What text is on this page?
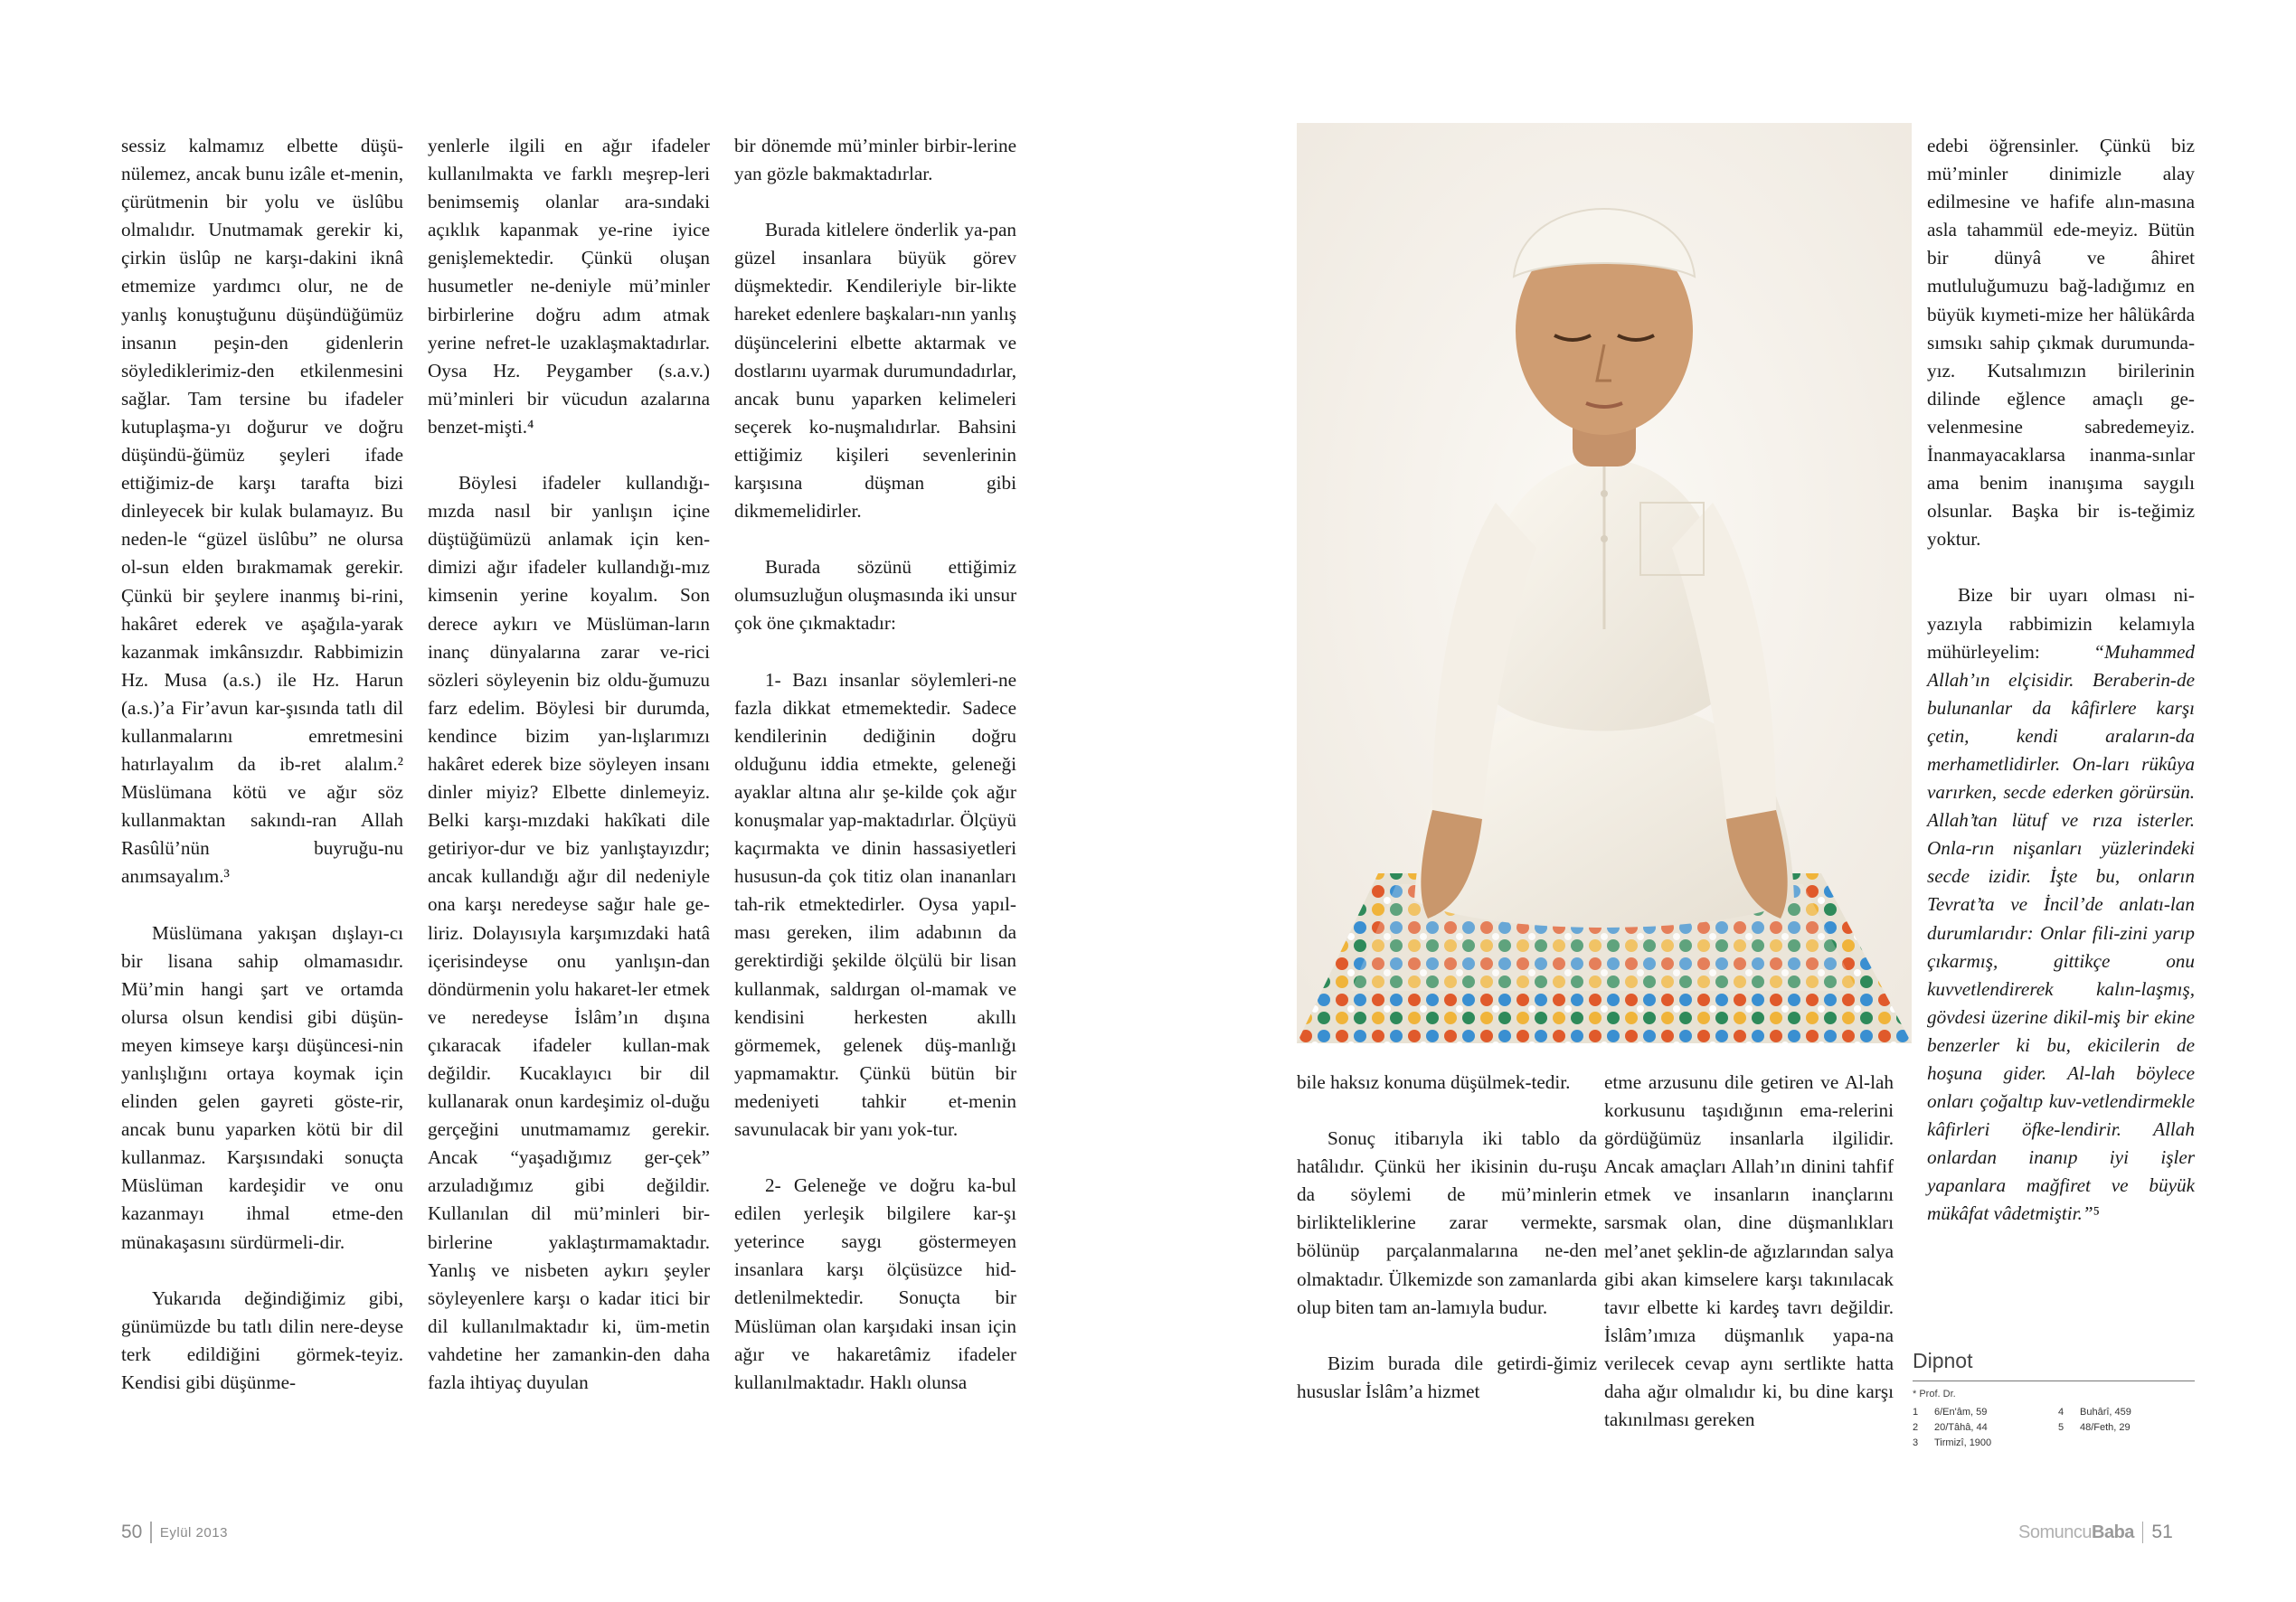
sessiz kalmamız elbette düşü-nülemez, ancak bunu izâle et-menin, çürütmenin bir yolu ve üslûbu olmalıdır. Unutmamak gerekir ki, çirkin üslûp ne karşı-dakini iknâ etmemize yardımcı olur, ne de yanlış konuştuğunu düşündüğümüz insanın peşin-den gidenlerin söylediklerimiz-den etkilenmesini sağlar. Tam tersine bu ifadeler kutuplaşma-yı doğurur ve doğru düşündü-ğümüz şeyleri ifade ettiğimiz-de karşı tarafta bizi dinleyecek bir kulak bulamayız. Bu neden-le “güzel üslûbu” ne olursa ol-sun elden bırakmamak gerekir. Çünkü bir şeylere inanmış bi-rini, hakâret ederek ve aşağıla-yarak kazanmak imkânsızdır. Rabbimizin Hz. Musa (a.s.) ile Hz. Harun (a.s.)’a Fir’avun kar-şısında tatlı dil kullanmalarını emretmesini hatırlayalım da ib-ret alalım.² Müslümana kötü ve ağır söz kullanmaktan sakındı-ran Allah Rasûlü’nün buyruğu-nu anımsayalım.³

Müslümana yakışan dışlayı-cı bir lisana sahip olmamasıdır. Mü’min hangi şart ve ortamda olursa olsun kendisi gibi düşün-meyen kimseye karşı düşüncesi-nin yanlışlığını ortaya koymak için elinden gelen gayreti göste-rir, ancak bunu yaparken kötü bir dil kullanmaz. Karşısındaki sonuçta Müslüman kardeşidir ve onu kazanmayı ihmal etme-den münakaşasını sürdürmeli-dir.

Yukarıda değindiğimiz gibi, günümüzde bu tatlı dilin nere-deyse terk edildiğini görmek-teyiz. Kendisi gibi düşünme-

yenlerle ilgili en ağır ifadeler kullanılmakta ve farklı meşrep-leri benimsemiş olanlar ara-sındaki açıklık kapanmak ye-rine iyice genişlemektedir. Çünkü oluşan husumetler ne-deniyle mü’minler birbirlerine doğru adım atmak yerine nefret-le uzaklaşmaktadırlar. Oysa Hz. Peygamber (s.a.v.) mü’minleri bir vücudun azalarına benzet-mişti.⁴

Böylesi ifadeler kullandığı-mızda nasıl bir yanlışın içine düştüğümüzü anlamak için ken-dimizi ağır ifadeler kullandığı-mız kimsenin yerine koyalım. Son derece aykırı ve Müslüman-ların inanç dünyalarına zarar ve-rici sözleri söyleyenin biz oldu-ğumuzu farz edelim. Böylesi bir durumda, kendince bizim yan-lışlarımızı hakâret ederek bize söyleyen insanı dinler miyiz? Elbette dinlemeyiz. Belki karşı-mızdaki hakîkati dile getiriyor-dur ve biz yanlıştayızdır; ancak kullandığı ağır dil nedeniyle ona karşı neredeyse sağır hale ge-liriz. Dolayısıyla karşımızdaki hatâ içerisindeyse onu yanlışın-dan döndürmenin yolu hakaret-ler etmek ve neredeyse İslâm’ın dışına çıkaracak ifadeler kullan-mak değildir. Kucaklayıcı bir dil kullanarak onun kardeşimiz ol-duğu gerçeğini unutmamamız gerekir. Ancak “yaşadığımız ger-çek” arzuladığımız gibi değildir. Kullanılan dil mü’minleri bir-birlerine yaklaştırmamaktadır. Yanlış ve nisbeten aykırı şeyler söyleyenlere karşı o kadar itici bir dil kullanılmaktadır ki, üm-metin vahdetine her zamankin-den daha fazla ihtiyaç duyulan

bir dönemde mü’minler birbir-lerine yan gözle bakmaktadırlar.

Burada kitlelere önderlik ya-pan güzel insanlara büyük görev düşmektedir. Kendileriyle bir-likte hareket edenlere başkaları-nın yanlış düşüncelerini elbette aktarmak ve dostlarını uyarmak durumundadırlar, ancak bunu yaparken kelimeleri seçerek ko-nuşmalıdırlar. Bahsini ettiğimiz kişileri sevenlerinin karşısına düşman gibi dikmemelidirler.

Burada sözünü ettiğimiz olumsuzluğun oluşmasında iki unsur çok öne çıkmaktadır:

1- Bazı insanlar söylemleri-ne fazla dikkat etmemektedir. Sadece kendilerinin dediğinin doğru olduğunu iddia etmekte, geleneği ayaklar altına alır şe-kilde çok ağır konuşmalar yap-maktadırlar. Ölçüyü kaçırmakta ve dinin hassasiyetleri hususun-da çok titiz olan inananları tah-rik etmektedirler. Oysa yapıl-ması gereken, ilim adabının da gerektirdiği şekilde ölçülü bir lisan kullanmak, saldırgan ol-mamak ve kendisini herkesten akıllı görmemek, gelenek düş-manlığı yapmamaktır. Çünkü bütün bir medeniyeti tahkir et-menin savunulacak bir yanı yok-tur.

2- Geleneğe ve doğru ka-bul edilen yerleşik bilgilere kar-şı yeterince saygı göstermeyen insanlara karşı ölçüsüzce hid-detlenilmektedir. Sonuçta bir Müslüman olan karşıdaki insan için ağır ve hakaretâmiz ifadeler kullanılmaktadır. Haklı olunsa

50 Eylül 2013

bile haksız konuma düşülmek-tedir.

Sonuç itibarıyla iki tablo da hatâlıdır. Çünkü her ikisinin du-ruşu da söylemi de mü’minlerin birlikteliklerine zarar vermekte, bölünüp parçalanmalarına ne-den olmaktadır. Ülkemizde son zamanlarda olup biten tam an-lamıyla budur.

Bizim burada dile getirdi-ğimiz hususlar İslâm’a hizmet

etme arzusunu dile getiren ve Al-lah korkusunu taşıdığının ema-relerini gördüğümüz insanlarla ilgilidir. Ancak amaçları Allah’ın dinini tahfif etmek ve insanların inançlarını sarsmak olan, dine düşmanlıkları mel’anet şeklin-de ağızlarından salya gibi akan kimselere karşı takınılacak tavır elbette ki kardeş tavrı değildir. İslâm’ımıza düşmanlık yapa-na verilecek cevap aynı sertlikte hatta daha ağır olmalıdır ki, bu dine karşı takınılması gereken

edebi öğrensinler. Çünkü biz mü’minler dinimizle alay edilmesine ve hafife alın-masına asla tahammül ede-meyiz. Bütün bir dünyâ ve âhiret mutluluğumuzu bağ-ladığımız en büyük kıymeti-mize her hâlükârda sımsıkı sahip çıkmak durumunda-yız. Kutsalımızın birilerinin dilinde eğlence amaçlı ge-velenmesine sabredemeyiz. İnanmayacaklarsa inanma-sınlar ama benim inanışıma saygılı olsunlar. Başka bir is-teğimiz yoktur.

Bize bir uyarı olması ni-yazıyla rabbimizin kelamıyla mühürleyelim: “Muhammed Allah’ın elçisidir. Beraberin-de bulunanlar da kâfirlere karşı çetin, kendi araların-da merhametlidirler. On-ları rükûya varırken, secde ederken görürsün. Allah’tan lütuf ve rıza isterler. Onla-rın nişanları yüzlerindeki secde izidir. İşte bu, onların Tevrat’ta ve İncil’de anlatı-lan durumlarıdır: Onlar fili-zini yarıp çıkarmış, gittikçe onu kuvvetlendirerek kalın-laşmış, gövdesi üzerine dikil-miş bir ekine benzerler ki bu, ekicilerin de hoşuna gider. Al-lah böylece onları çoğaltıp kuv-vetlendirmekle kâfirleri öfke-lendirir. Allah onlardan inanıp iyi işler yapanlara mağfiret ve büyük mükâfat vâdetmiştir.”⁵

Dipnot
* Prof. Dr.
1	6/En'âm, 59	4	Buhârî, 459
2	20/Tâhâ, 44	5	48/Feth, 29
3	Tirmizî, 1900
SomuncuBaba 51
